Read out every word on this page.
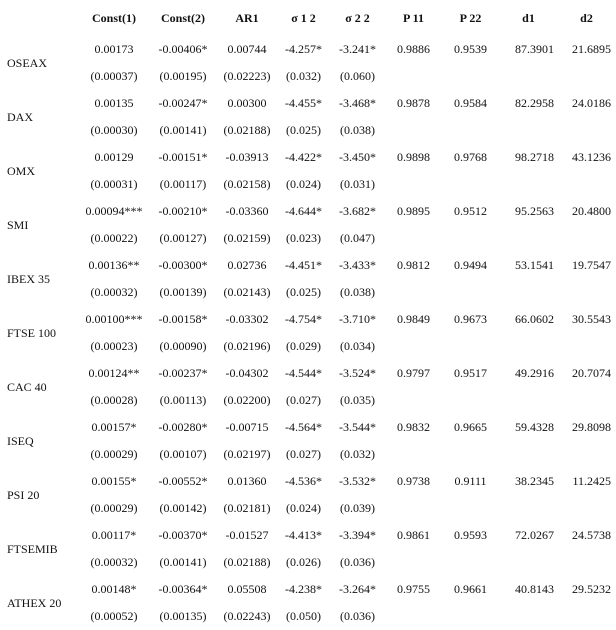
	Const(1)	Const(2)	AR1	σ 1 2	σ 2 2	P 11	P 22	d1	d2
OSEAX	0.00173	-0.00406*	0.00744	-4.257*	-3.241*	0.9886	0.9539	87.3901	21.6895
	(0.00037)	(0.00195)	(0.02223)	(0.032)	(0.060)				
DAX	0.00135	-0.00247*	0.00300	-4.455*	-3.468*	0.9878	0.9584	82.2958	24.0186
	(0.00030)	(0.00141)	(0.02188)	(0.025)	(0.038)				
OMX	0.00129	-0.00151*	-0.03913	-4.422*	-3.450*	0.9898	0.9768	98.2718	43.1236
	(0.00031)	(0.00117)	(0.02158)	(0.024)	(0.031)				
SMI	0.00094***	-0.00210*	-0.03360	-4.644*	-3.682*	0.9895	0.9512	95.2563	20.4800
	(0.00022)	(0.00127)	(0.02159)	(0.023)	(0.047)				
IBEX 35	0.00136**	-0.00300*	0.02736	-4.451*	-3.433*	0.9812	0.9494	53.1541	19.7547
	(0.00032)	(0.00139)	(0.02143)	(0.025)	(0.038)				
FTSE 100	0.00100***	-0.00158*	-0.03302	-4.754*	-3.710*	0.9849	0.9673	66.0602	30.5543
	(0.00023)	(0.00090)	(0.02196)	(0.029)	(0.034)				
CAC 40	0.00124**	-0.00237*	-0.04302	-4.544*	-3.524*	0.9797	0.9517	49.2916	20.7074
	(0.00028)	(0.00113)	(0.02200)	(0.027)	(0.035)				
ISEQ	0.00157*	-0.00280*	-0.00715	-4.564*	-3.544*	0.9832	0.9665	59.4328	29.8098
	(0.00029)	(0.00107)	(0.02197)	(0.027)	(0.032)				
PSI 20	0.00155*	-0.00552*	0.01360	-4.536*	-3.532*	0.9738	0.9111	38.2345	11.2425
	(0.00029)	(0.00142)	(0.02181)	(0.024)	(0.039)				
FTSEMIB	0.00117*	-0.00370*	-0.01527	-4.413*	-3.394*	0.9861	0.9593	72.0267	24.5738
	(0.00032)	(0.00141)	(0.02188)	(0.026)	(0.036)				
ATHEX 20	0.00148*	-0.00364*	0.05508	-4.238*	-3.264*	0.9755	0.9661	40.8143	29.5232
	(0.00052)	(0.00135)	(0.02243)	(0.050)	(0.036)				
